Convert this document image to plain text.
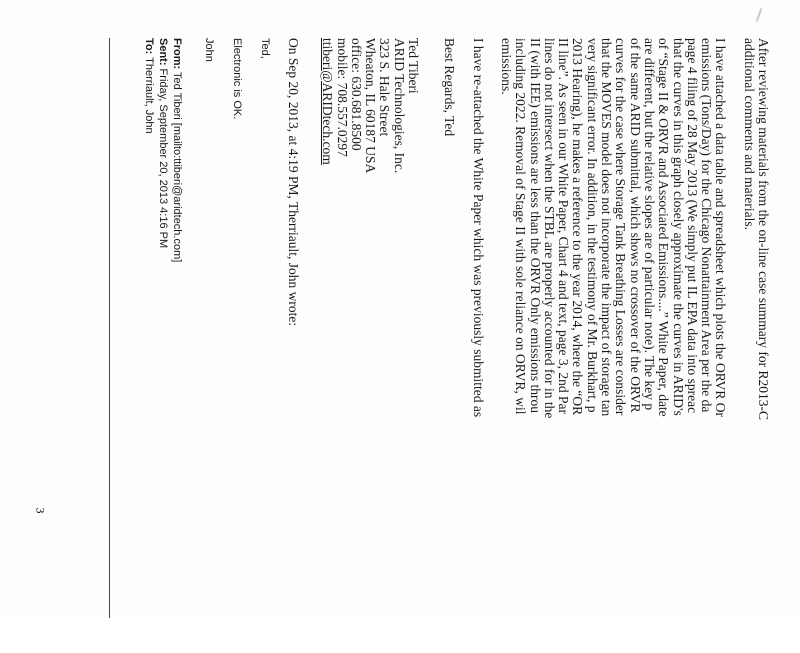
After reviewing materials from the on-line case summary for R2013-C
additional comments and materials.

I have attached a data table and spreadsheet which plots the ORVR Or
emissions (Tons/Day) for the Chicago Nonattainment Area per the da
page 4 filing of 28 May 2013 (We simply put IL EPA data into spreac
that the curves in this graph closely approximate the curves in ARID's
of “Stage II & ORVR and Associated Emissions....” White Paper, date
are different, but the relative slopes are of particular note). The key p
of the same ARID submittal, which shows no crossover of the ORVR
curves for the case where Storage Tank Breathing Losses are consider
that the MOVES model does not incorporate the impact of storage tan
very significant error. In addition, in the testimony of Mr. Burkhart, p
2013 Hearing), he makes a reference to the year 2014, where the “OR
II line”. As seen in our White Paper, Chart 4 and text, page 3, 2nd Par
lines do not intersect when the STBL are properly accounted for in the
II (with IEE) emissions are less than the ORVR Only emissions throu
including 2022. Removal of Stage II with sole reliance on ORVR, wil
emissions.

I have re-attached the White Paper which was previously submitted as

Best Regards, Ted

Ted Tiberi
ARID Technologies, Inc.
323 S. Hale Street
Wheaton, IL 60187 USA
office: 630.681.8500
mobile: 708.557.0297
ttiberi@ARIDtech.com

On Sep 20, 2013, at 4:19 PM, Therriault, John wrote:

Ted,

Electronic is OK.

John

From: Ted Tiberi [mailto:ttiberi@aridtech.com]
Sent: Friday, September 20, 2013 4:16 PM
To: Therriault, John
3
